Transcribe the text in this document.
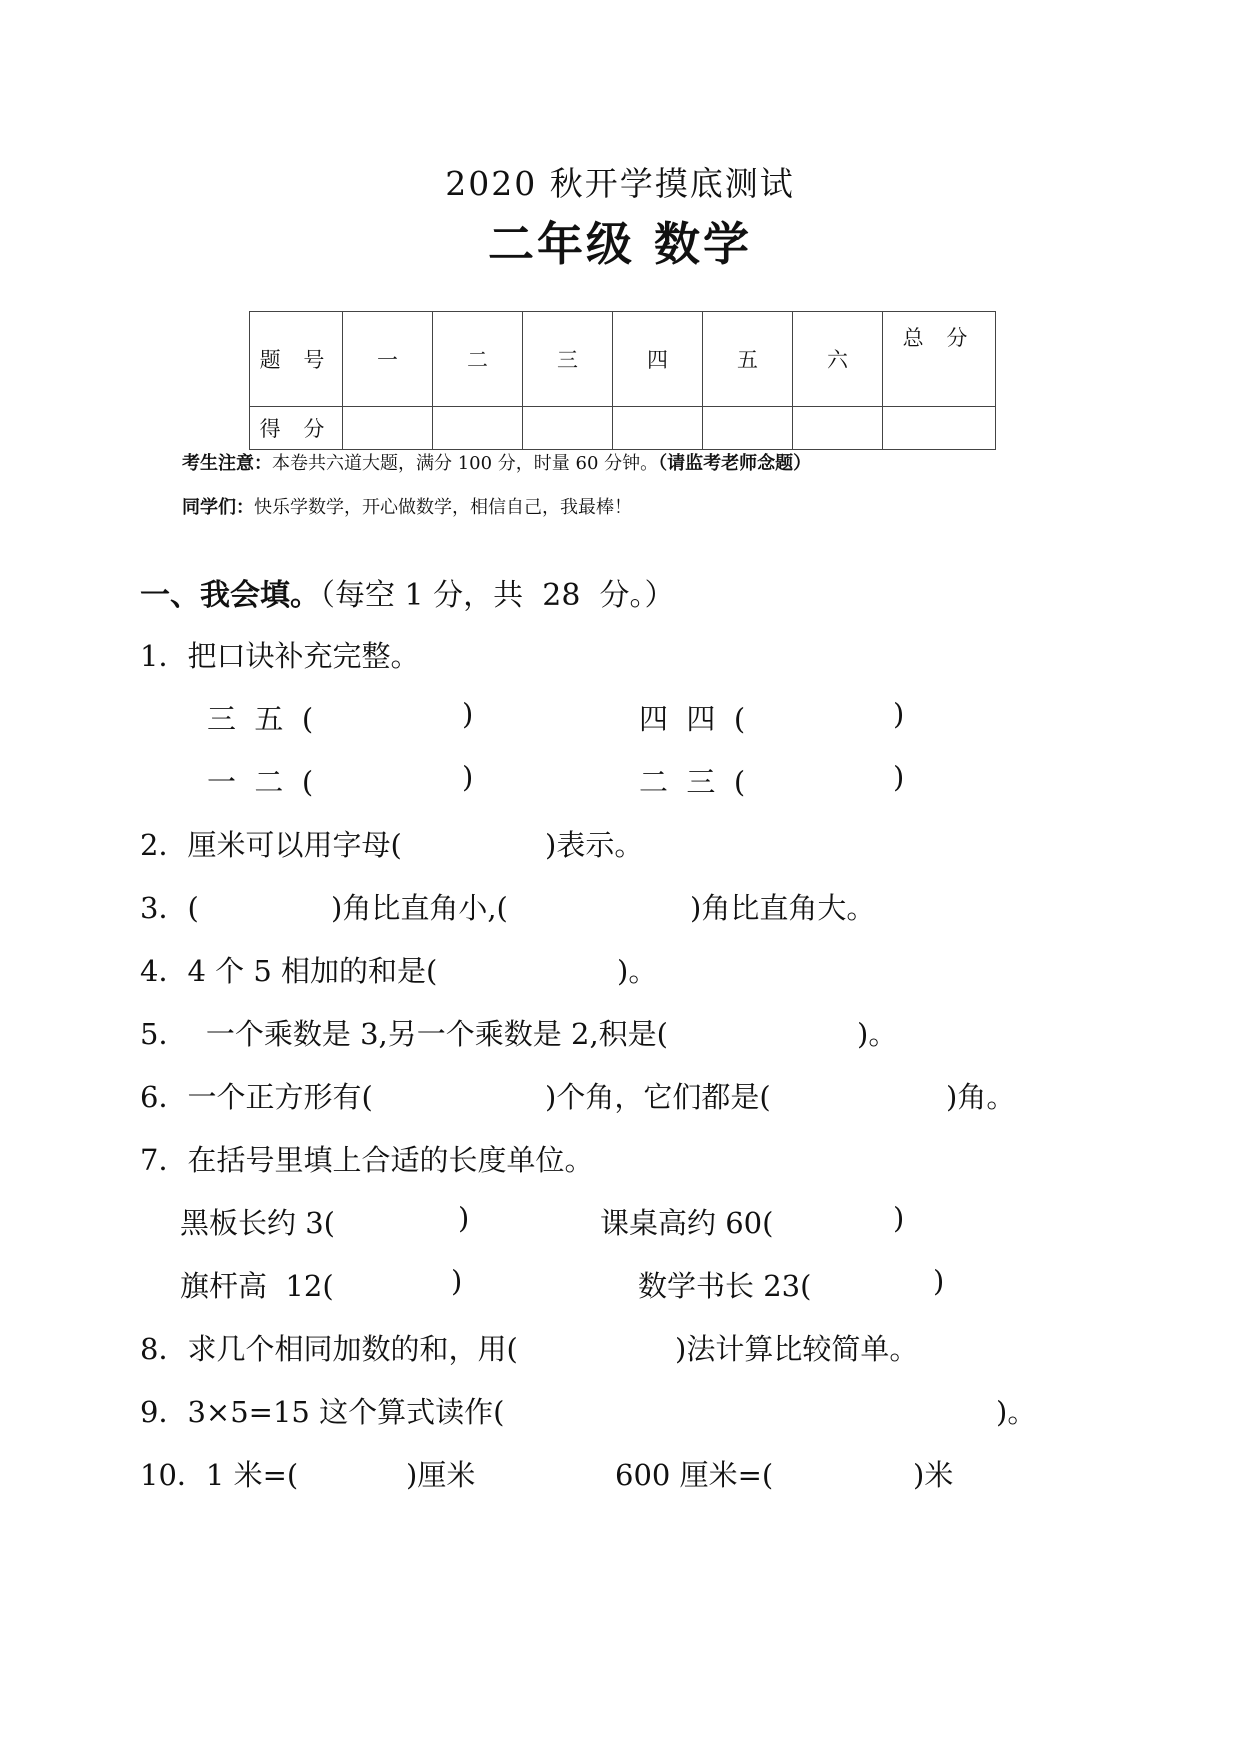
2020 秋开学摸底测试
二年级 数学
题 号	一	二	三	四	五	六	总 分
得 分							
考生注意：本卷共六道大题，满分 100 分，时量 60 分钟。（请监考老师念题）
同学们：快乐学数学，开心做数学，相信自己，我最棒！
一、我会填。（每空 1 分，共  28  分。）
1．把口诀补充完整。
三  五  (	)	四  四  (	)
一  二  (	)	二  三  (	)
2．厘米可以用字母(	)表示。
3．(	)角比直角小,(	)角比直角大。
4．4 个 5 相加的和是(	)。
5．  一个乘数是 3,另一个乘数是 2,积是(	)。
6．一个正方形有(	)个角，它们都是(	)角。
7．在括号里填上合适的长度单位。
黑板长约 3(	)	课桌高约 60(	)
旗杆高  12(	)	数学书长 23(	)
8．求几个相同加数的和，用(	)法计算比较简单。
9．3×5=15 这个算式读作(	)。
10．1 米=(	)厘米	600 厘米=(	)米
